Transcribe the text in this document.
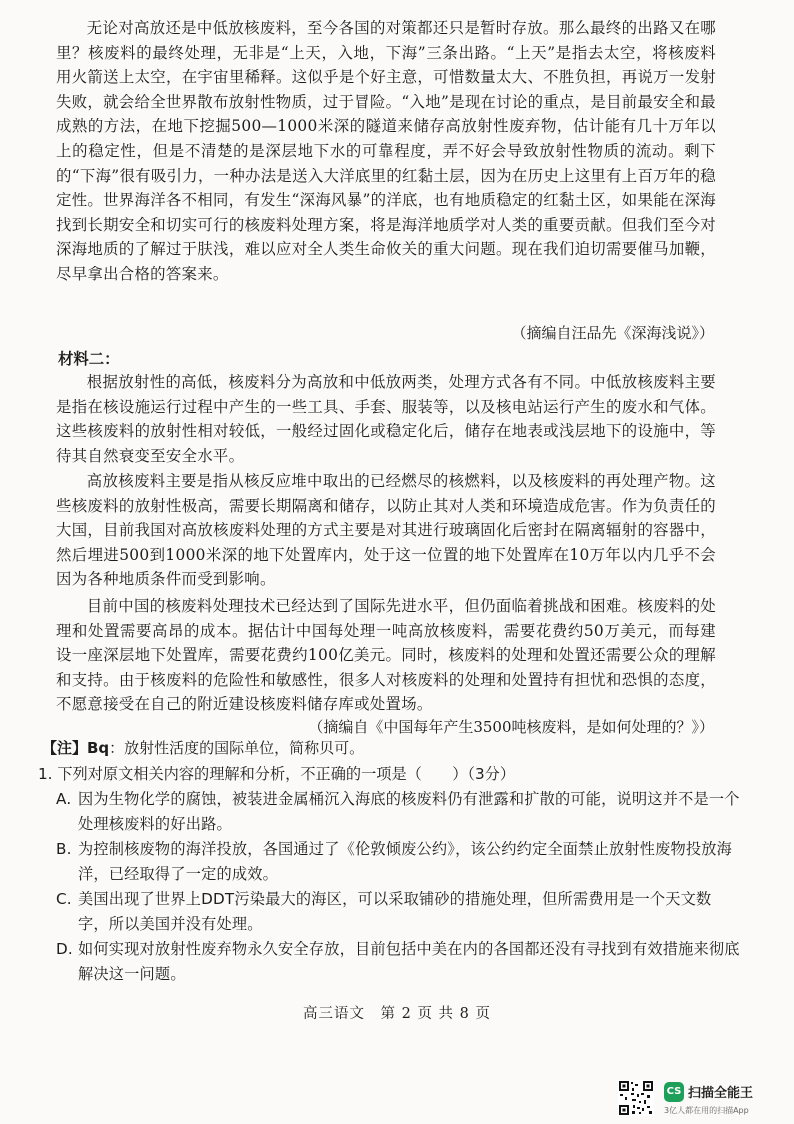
无论对高放还是中低放核废料，至今各国的对策都还只是暂时存放。那么最终的出路又在哪里？核废料的最终处理，无非是“上天，入地，下海”三条出路。“上天”是指去太空，将核废料用火箭送上太空，在宇宙里稀释。这似乎是个好主意，可惜数量太大、不胜负担，再说万一发射失败，就会给全世界散布放射性物质，过于冒险。“入地”是现在讨论的重点，是目前最安全和最成熟的方法，在地下挖掘500—1000米深的隧道来储存高放射性废弃物，估计能有几十万年以上的稳定性，但是不清楚的是深层地下水的可靠程度，弄不好会导致放射性物质的流动。剩下的“下海”很有吸引力，一种办法是送入大洋底里的红黏土层，因为在历史上这里有上百万年的稳定性。世界海洋各不相同，有发生“深海风暴”的洋底，也有地质稳定的红黏土区，如果能在深海找到长期安全和切实可行的核废料处理方案，将是海洋地质学对人类的重要贡献。但我们至今对深海地质的了解过于肤浅，难以应对全人类生命攸关的重大问题。现在我们迫切需要催马加鞭，尽早拿出合格的答案来。

（摘编自汪品先《深海浅说》）

材料二：

根据放射性的高低，核废料分为高放和中低放两类，处理方式各有不同。中低放核废料主要是指在核设施运行过程中产生的一些工具、手套、服装等，以及核电站运行产生的废水和气体。这些核废料的放射性相对较低，一般经过固化或稳定化后，储存在地表或浅层地下的设施中，等待其自然衰变至安全水平。

高放核废料主要是指从核反应堆中取出的已经燃尽的核燃料，以及核废料的再处理产物。这些核废料的放射性极高，需要长期隔离和储存，以防止其对人类和环境造成危害。作为负责任的大国，目前我国对高放核废料处理的方式主要是对其进行玻璃固化后密封在隔离辐射的容器中，然后埋进500到1000米深的地下处置库内，处于这一位置的地下处置库在10万年以内几乎不会因为各种地质条件而受到影响。

目前中国的核废料处理技术已经达到了国际先进水平，但仍面临着挑战和困难。核废料的处理和处置需要高昂的成本。据估计中国每处理一吨高放核废料，需要花费约50万美元，而每建设一座深层地下处置库，需要花费约100亿美元。同时，核废料的处理和处置还需要公众的理解和支持。由于核废料的危险性和敏感性，很多人对核废料的处理和处置持有担忧和恐惧的态度，不愿意接受在自己的附近建设核废料储存库或处置场。

（摘编自《中国每年产生3500吨核废料，是如何处理的？》）

【注】Bq：放射性活度的国际单位，简称贝可。

1. 下列对原文相关内容的理解和分析，不正确的一项是（　　）（3分）

A. 因为生物化学的腐蚀，被装进金属桶沉入海底的核废料仍有泄露和扩散的可能，说明这并不是一个处理核废料的好出路。

B. 为控制核废物的海洋投放，各国通过了《伦敦倾废公约》，该公约约定全面禁止放射性废物投放海洋，已经取得了一定的成效。

C. 美国出现了世界上DDT污染最大的海区，可以采取铺砂的措施处理，但所需费用是一个天文数字，所以美国并没有处理。

D. 如何实现对放射性废弃物永久安全存放，目前包括中美在内的各国都还没有寻找到有效措施来彻底解决这一问题。

高三语文　第 2 页 共 8 页

CS 扫描全能王
3亿人都在用的扫描App
